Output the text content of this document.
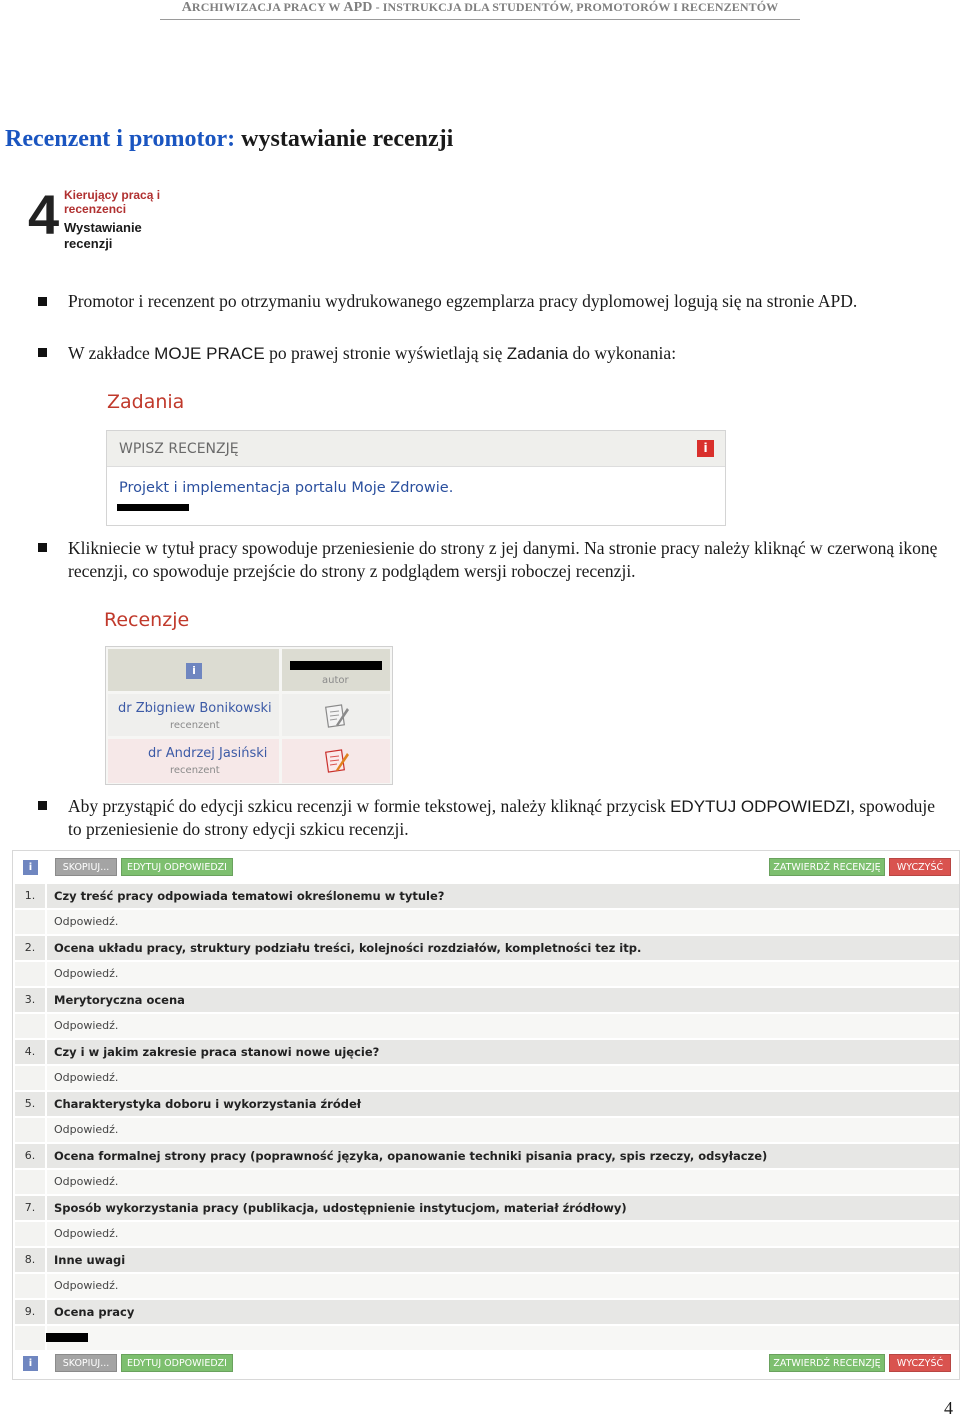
ARCHIWIZACJA PRACY W APD - INSTRUKCJA DLA STUDENTÓW, PROMOTORÓW I RECENZENTÓW
Recenzent i promotor: wystawianie recenzji
4 Kierujący pracą i
recenzenci
Wystawianie
recenzji
Promotor i recenzent po otrzymaniu wydrukowanego egzemplarza pracy dyplomowej logują się na stronie APD.
W zakładce MOJE PRACE po prawej stronie wyświetlają się Zadania do wykonania:
Zadania
WPISZ RECENZJĘ	i
Projekt i implementacja portalu Moje Zdrowie.
Klikniecie w tytuł pracy spowoduje przeniesienie do strony z jej danymi. Na stronie pracy należy kliknąć w czerwoną ikonę recenzji, co spowoduje przejście do strony z podglądem wersji roboczej recenzji.
Recenzje
i
autor
dr Zbigniew Bonikowski
recenzent
dr Andrzej Jasiński
recenzent
Aby przystąpić do edycji szkicu recenzji w formie tekstowej, należy kliknąć przycisk EDYTUJ ODPOWIEDZI, spowoduje to przeniesienie do strony edycji szkicu recenzji.
i	SKOPIUJ...	EDYTUJ ODPOWIEDZI	ZATWIERDŹ RECENZJĘ	WYCZYŚĆ
1.	Czy treść pracy odpowiada tematowi określonemu w tytule?
Odpowiedź.
2.	Ocena układu pracy, struktury podziału treści, kolejności rozdziałów, kompletności tez itp.
Odpowiedź.
3.	Merytoryczna ocena
Odpowiedź.
4.	Czy i w jakim zakresie praca stanowi nowe ujęcie?
Odpowiedź.
5.	Charakterystyka doboru i wykorzystania źródeł
Odpowiedź.
6.	Ocena formalnej strony pracy (poprawność języka, opanowanie techniki pisania pracy, spis rzeczy, odsyłacze)
Odpowiedź.
7.	Sposób wykorzystania pracy (publikacja, udostępnienie instytucjom, materiał źródłowy)
Odpowiedź.
8.	Inne uwagi
Odpowiedź.
9.	Ocena pracy
i	SKOPIUJ...	EDYTUJ ODPOWIEDZI	ZATWIERDŹ RECENZJĘ	WYCZYŚĆ
4
